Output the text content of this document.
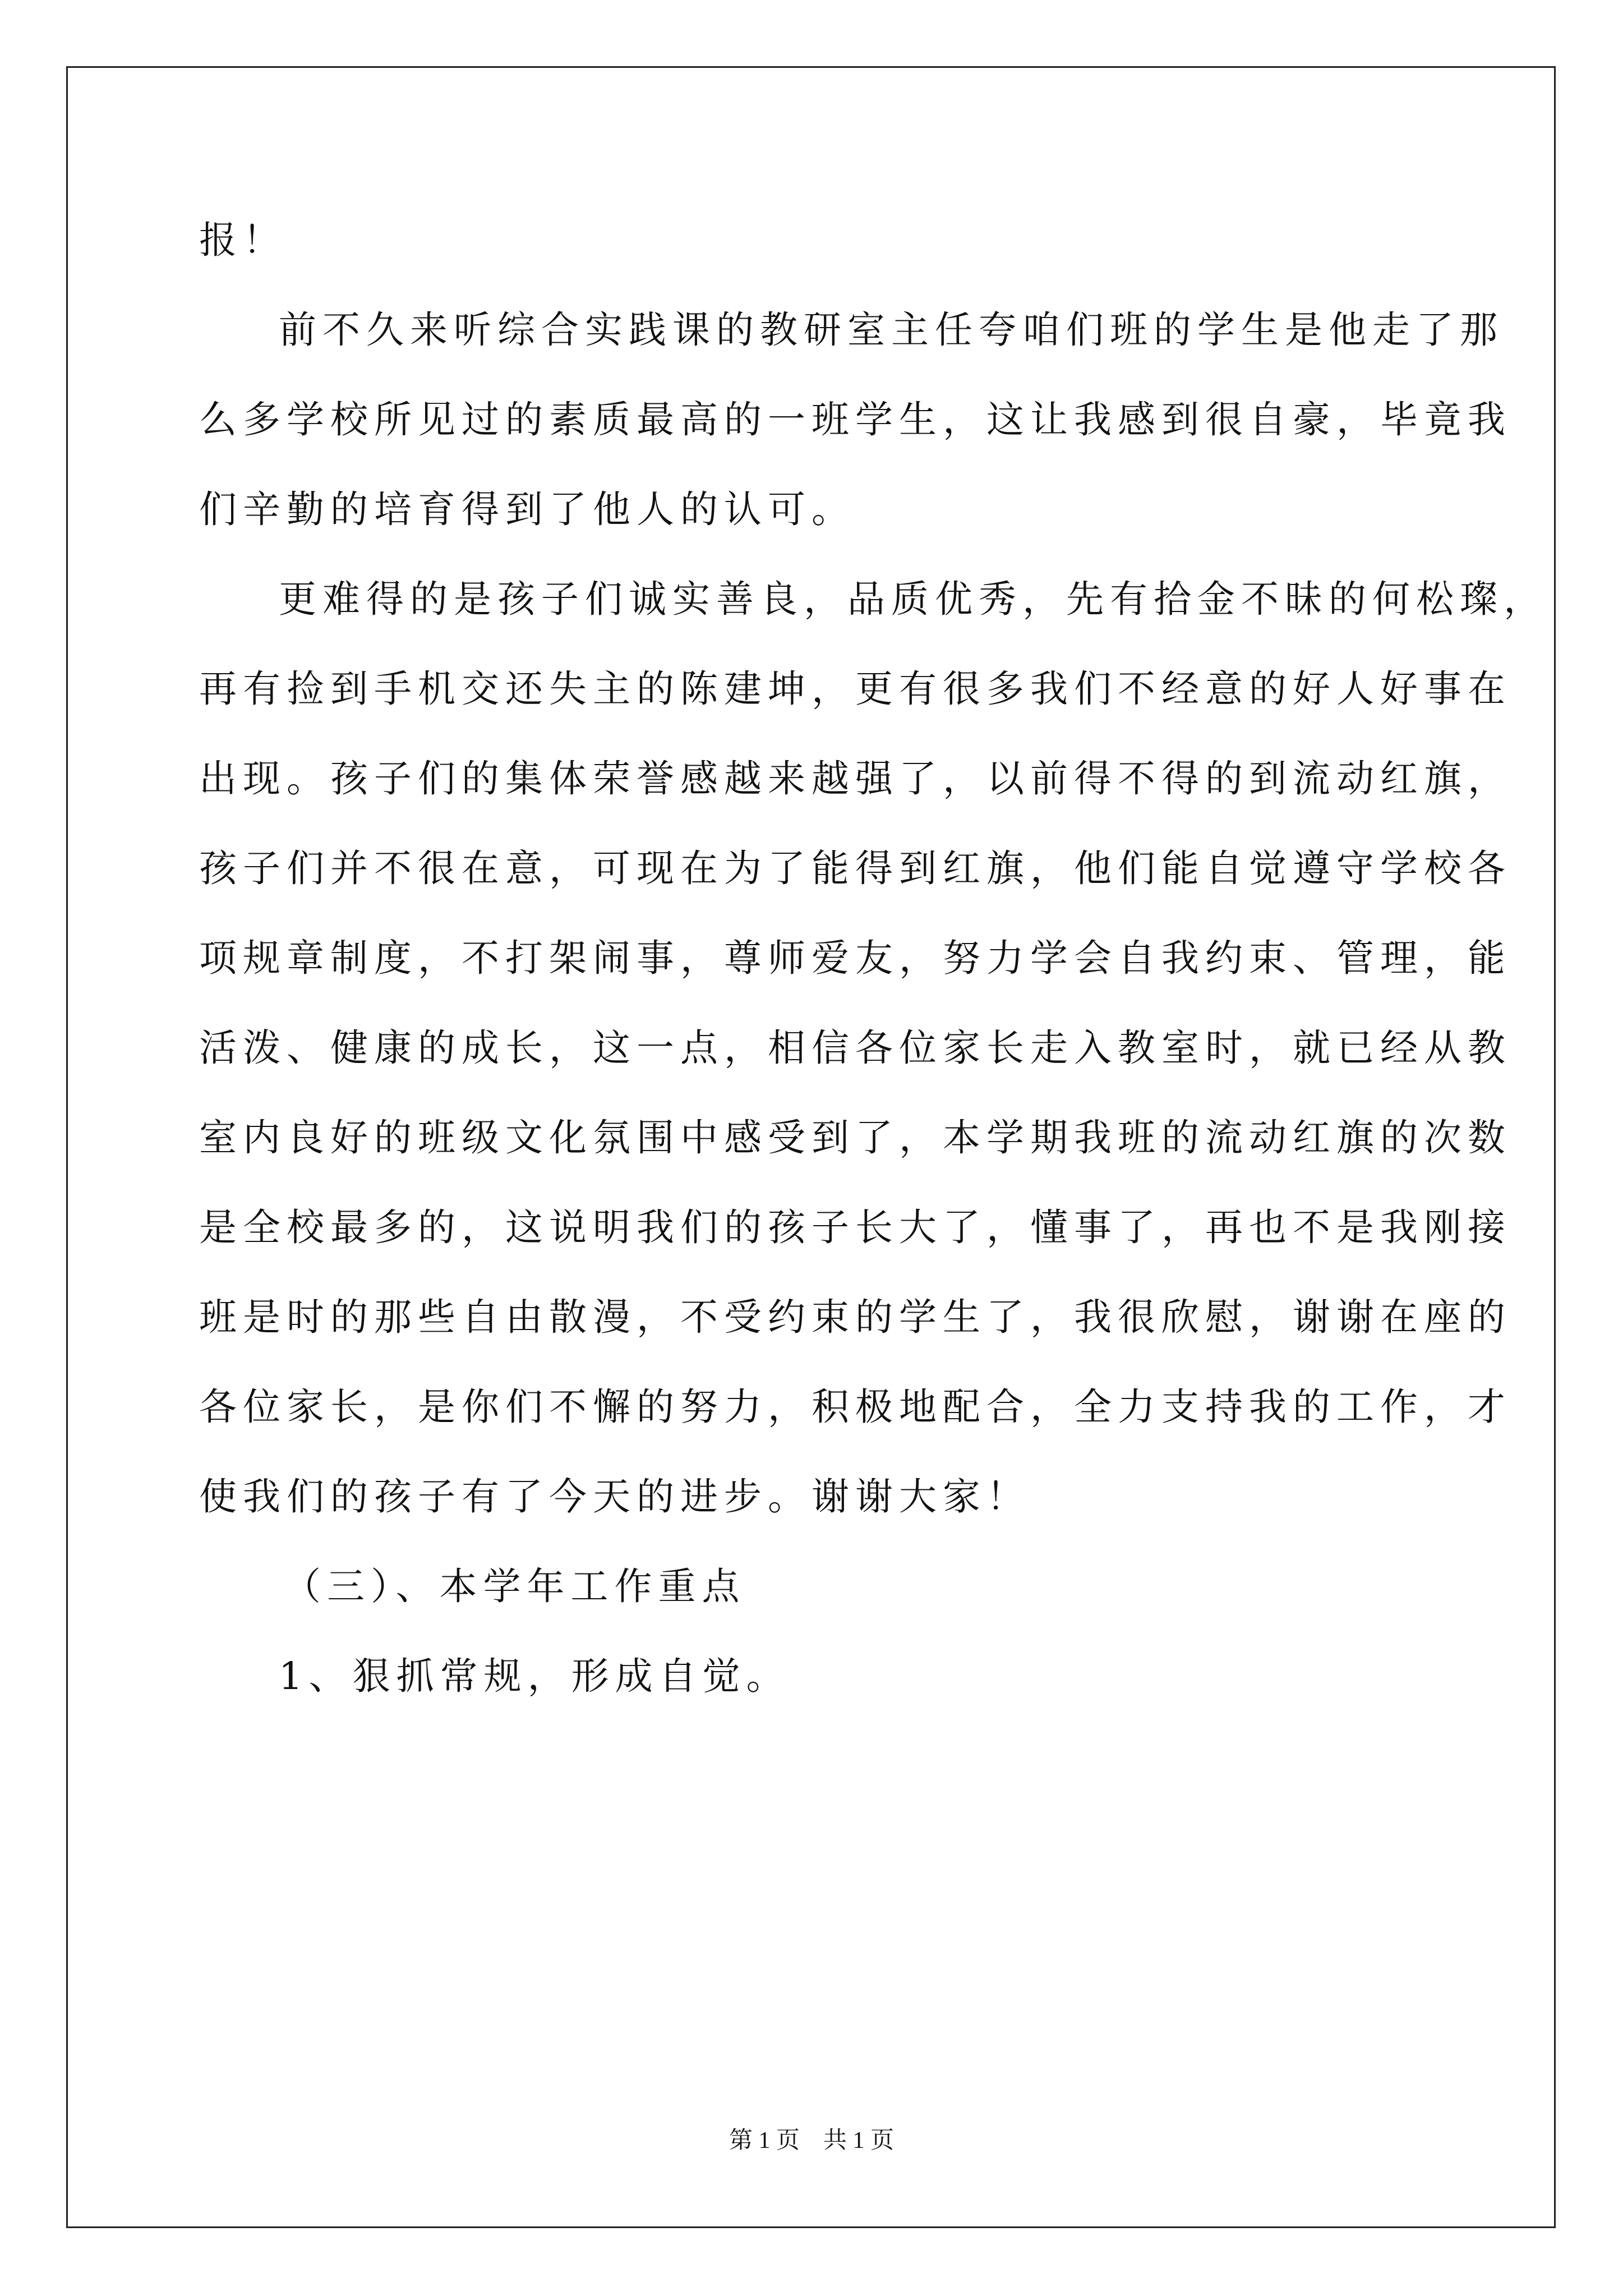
报！
前不久来听综合实践课的教研室主任夸咱们班的学生是他走了那
么多学校所见过的素质最高的一班学生，这让我感到很自豪，毕竟我
们辛勤的培育得到了他人的认可。
更难得的是孩子们诚实善良，品质优秀，先有拾金不昧的何松璨，
再有捡到手机交还失主的陈建坤，更有很多我们不经意的好人好事在
出现。孩子们的集体荣誉感越来越强了，以前得不得的到流动红旗，
孩子们并不很在意，可现在为了能得到红旗，他们能自觉遵守学校各
项规章制度，不打架闹事，尊师爱友，努力学会自我约束、管理，能
活泼、健康的成长，这一点，相信各位家长走入教室时，就已经从教
室内良好的班级文化氛围中感受到了，本学期我班的流动红旗的次数
是全校最多的，这说明我们的孩子长大了，懂事了，再也不是我刚接
班是时的那些自由散漫，不受约束的学生了，我很欣慰，谢谢在座的
各位家长，是你们不懈的努力，积极地配合，全力支持我的工作，才
使我们的孩子有了今天的进步。谢谢大家！
（三）、本学年工作重点
1、狠抓常规，形成自觉。
第 1 页 共 1 页
